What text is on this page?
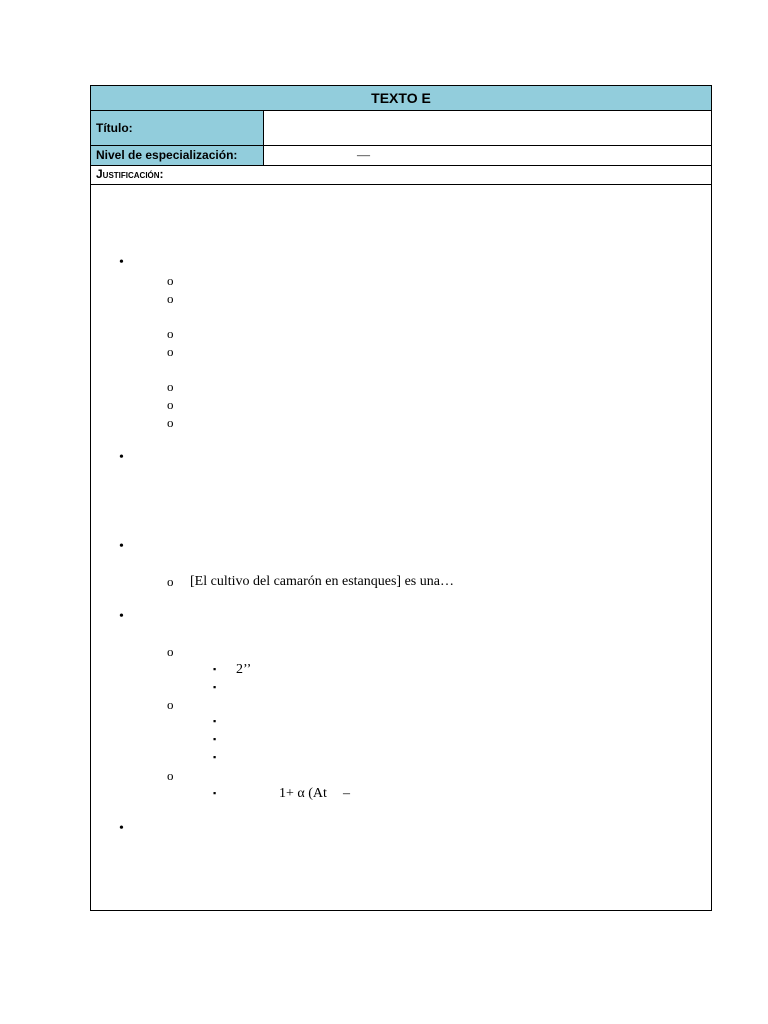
TEXTO E
Título:
Nivel de especialización:	—
Justificación:
•
o
o
o
o
o
o
o
•
•
o [El cultivo del camarón en estanques] es una…
•
o
▪ 2’’
▪
o
▪
▪
▪
o
▪	1+ α (At –
•
